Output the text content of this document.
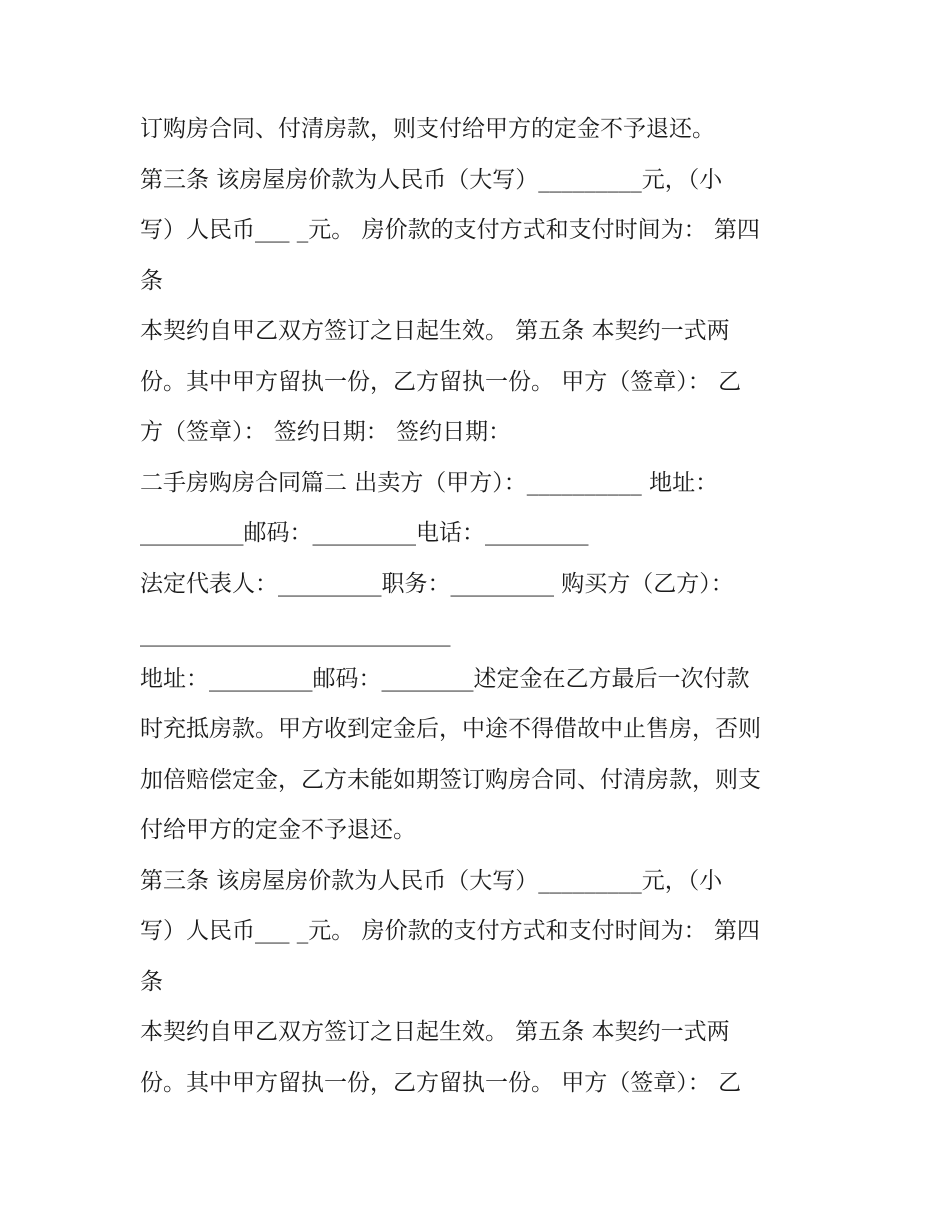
订购房合同、付清房款，则支付给甲方的定金不予退还。

第三条 该房屋房价款为人民币（大写）_________元，（小

写）人民币___ _元。 房价款的支付方式和支付时间为： 第四

条

本契约自甲乙双方签订之日起生效。 第五条 本契约一式两

份。其中甲方留执一份，乙方留执一份。 甲方（签章）： 乙

方（签章）： 签约日期： 签约日期：

二手房购房合同篇二 出卖方（甲方）：__________ 地址：

_________邮码：_________电话：_________

法定代表人：_________职务：_________ 购买方（乙方）：

___________________________

地址：_________邮码：________述定金在乙方最后一次付款

时充抵房款。甲方收到定金后，中途不得借故中止售房，否则

加倍赔偿定金，乙方未能如期签订购房合同、付清房款，则支

付给甲方的定金不予退还。

第三条 该房屋房价款为人民币（大写）_________元，（小

写）人民币___ _元。 房价款的支付方式和支付时间为： 第四

条

本契约自甲乙双方签订之日起生效。 第五条 本契约一式两

份。其中甲方留执一份，乙方留执一份。 甲方（签章）： 乙
